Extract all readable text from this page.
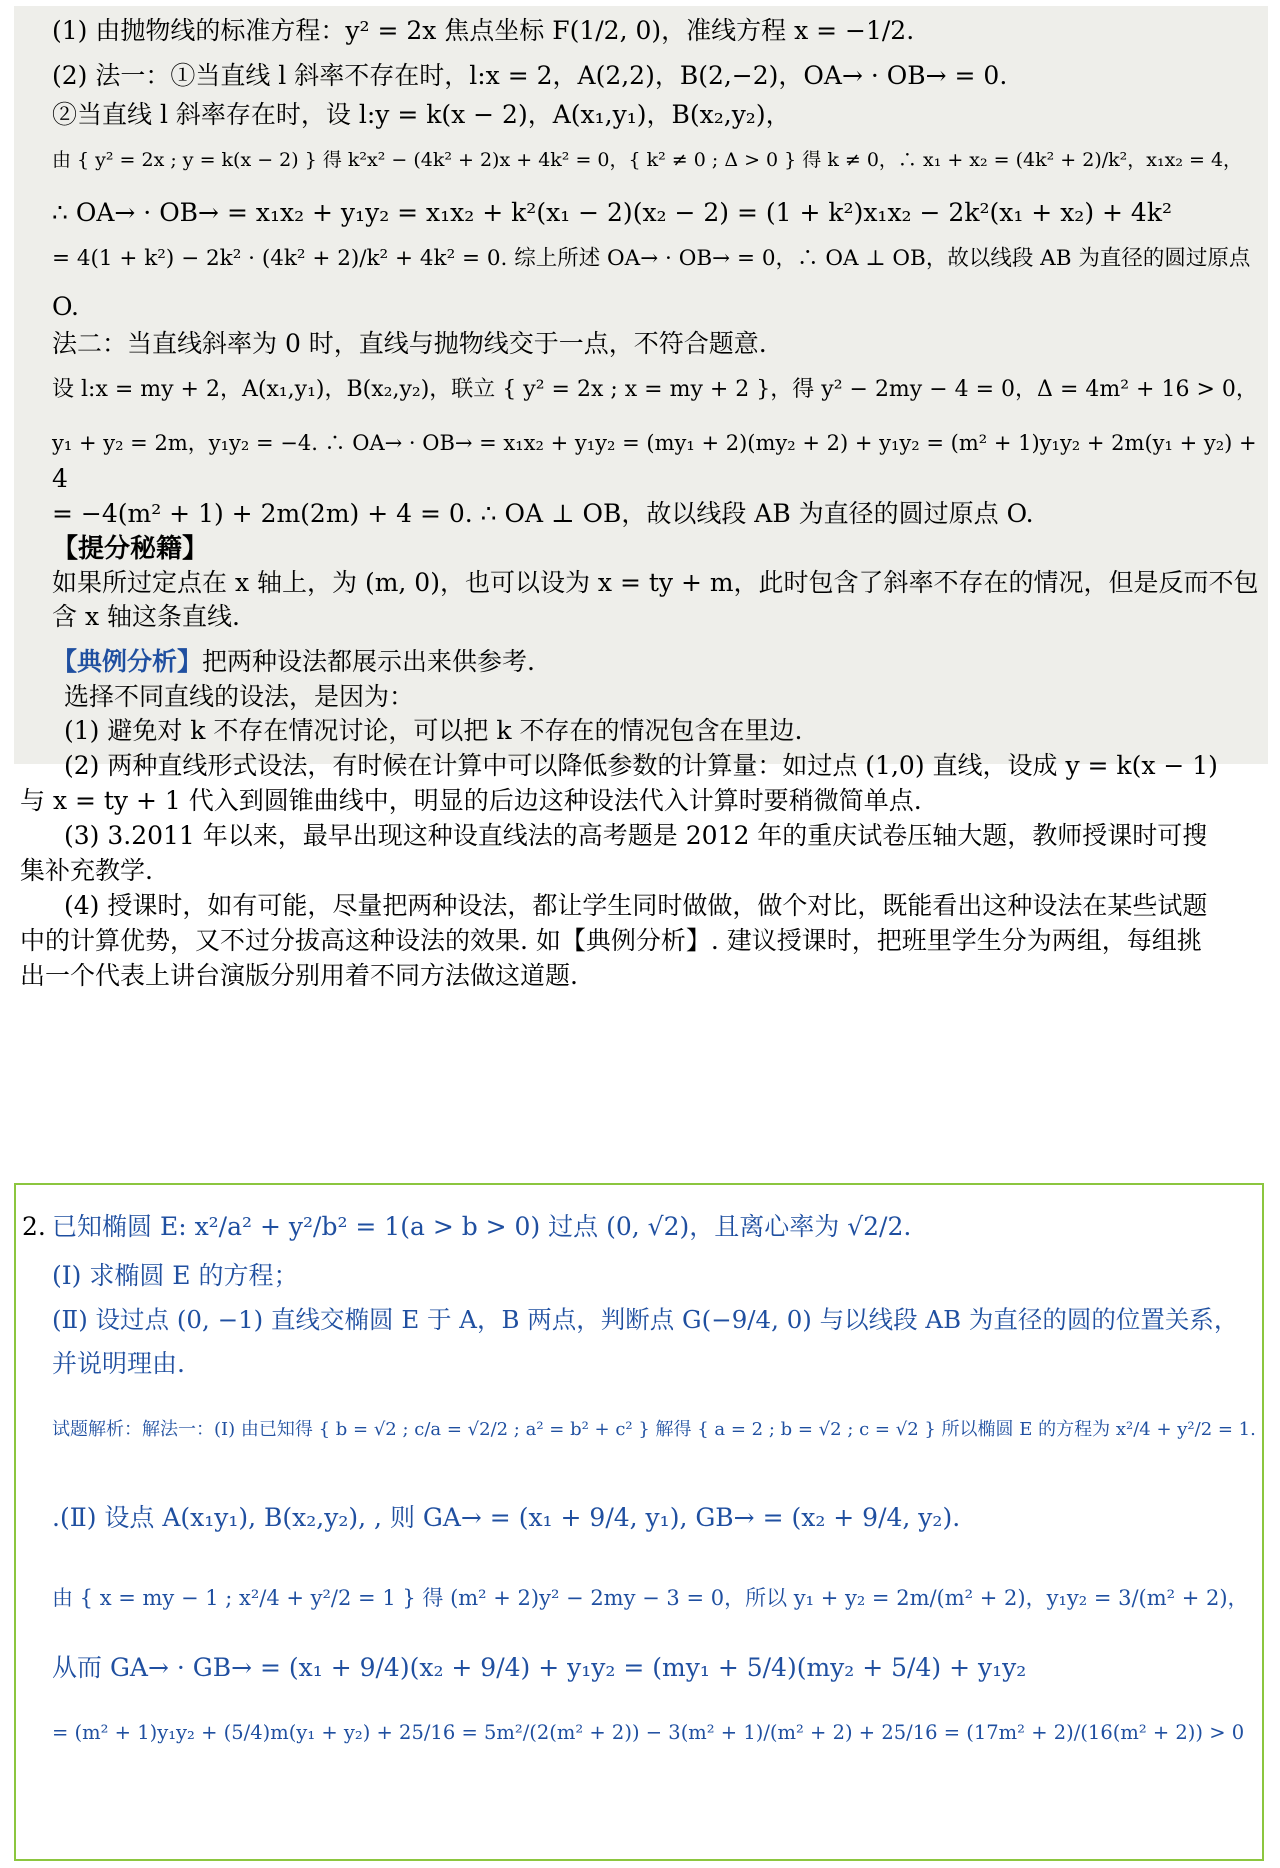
(1) 由抛物线的标准方程：y² = 2x 焦点坐标 F(1/2, 0)，准线方程 x = −1/2.
(2) 法一：①当直线 l 斜率不存在时，l:x = 2，A(2,2)，B(2,−2)，OA→ · OB→ = 0.
②当直线 l 斜率存在时，设 l:y = k(x − 2)，A(x₁,y₁)，B(x₂,y₂)，
由 { y² = 2x ; y = k(x − 2) } 得 k²x² − (4k² + 2)x + 4k² = 0，{ k² ≠ 0 ; Δ > 0 } 得 k ≠ 0，∴ x₁ + x₂ = (4k² + 2)/k²，x₁x₂ = 4，
∴ OA→ · OB→ = x₁x₂ + y₁y₂ = x₁x₂ + k²(x₁ − 2)(x₂ − 2) = (1 + k²)x₁x₂ − 2k²(x₁ + x₂) + 4k²
= 4(1 + k²) − 2k² · (4k² + 2)/k² + 4k² = 0. 综上所述 OA→ · OB→ = 0，∴ OA ⊥ OB，故以线段 AB 为直径的圆过原点
O.
法二：当直线斜率为 0 时，直线与抛物线交于一点，不符合题意.
设 l:x = my + 2，A(x₁,y₁)，B(x₂,y₂)，联立 { y² = 2x ; x = my + 2 }，得 y² − 2my − 4 = 0，Δ = 4m² + 16 > 0，
y₁ + y₂ = 2m，y₁y₂ = −4. ∴ OA→ · OB→ = x₁x₂ + y₁y₂ = (my₁ + 2)(my₂ + 2) + y₁y₂ = (m² + 1)y₁y₂ + 2m(y₁ + y₂) +
4
= −4(m² + 1) + 2m(2m) + 4 = 0. ∴ OA ⊥ OB，故以线段 AB 为直径的圆过原点 O.
【提分秘籍】
如果所过定点在 x 轴上，为 (m, 0)，也可以设为 x = ty + m，此时包含了斜率不存在的情况，但是反而不包
含 x 轴这条直线.
【典例分析】把两种设法都展示出来供参考.
选择不同直线的设法，是因为：
(1) 避免对 k 不存在情况讨论，可以把 k 不存在的情况包含在里边.
(2) 两种直线形式设法，有时候在计算中可以降低参数的计算量：如过点 (1,0) 直线，设成 y = k(x − 1)
与 x = ty + 1 代入到圆锥曲线中，明显的后边这种设法代入计算时要稍微简单点.
(3) 3.2011 年以来，最早出现这种设直线法的高考题是 2012 年的重庆试卷压轴大题，教师授课时可搜
集补充教学.
(4) 授课时，如有可能，尽量把两种设法，都让学生同时做做，做个对比，既能看出这种设法在某些试题
中的计算优势，又不过分拔高这种设法的效果. 如【典例分析】. 建议授课时，把班里学生分为两组，每组挑
出一个代表上讲台演版分别用着不同方法做这道题.
2. 已知椭圆 E: x²/a² + y²/b² = 1(a > b > 0) 过点 (0, √2)，且离心率为 √2/2.
(Ⅰ) 求椭圆 E 的方程；
(Ⅱ) 设过点 (0, −1) 直线交椭圆 E 于 A，B 两点，判断点 G(−9/4, 0) 与以线段 AB 为直径的圆的位置关系，
并说明理由.
试题解析：解法一：(Ⅰ) 由已知得 { b = √2 ; c/a = √2/2 ; a² = b² + c² } 解得 { a = 2 ; b = √2 ; c = √2 } 所以椭圆 E 的方程为 x²/4 + y²/2 = 1.
.(Ⅱ) 设点 A(x₁y₁), B(x₂,y₂), , 则 GA→ = (x₁ + 9/4, y₁), GB→ = (x₂ + 9/4, y₂).
由 { x = my − 1 ; x²/4 + y²/2 = 1 } 得 (m² + 2)y² − 2my − 3 = 0，所以 y₁ + y₂ = 2m/(m² + 2)，y₁y₂ = 3/(m² + 2)，
从而 GA→ · GB→ = (x₁ + 9/4)(x₂ + 9/4) + y₁y₂ = (my₁ + 5/4)(my₂ + 5/4) + y₁y₂
= (m² + 1)y₁y₂ + (5/4)m(y₁ + y₂) + 25/16 = 5m²/(2(m² + 2)) − 3(m² + 1)/(m² + 2) + 25/16 = (17m² + 2)/(16(m² + 2)) > 0
